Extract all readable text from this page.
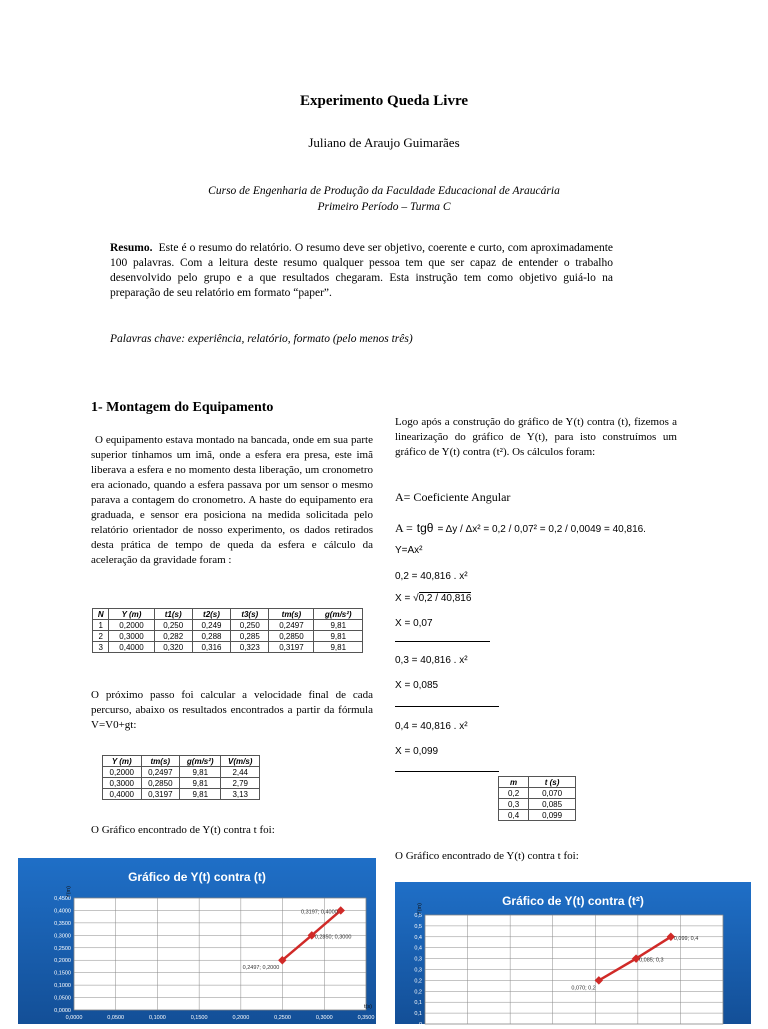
Experimento Queda Livre
Juliano de Araujo Guimarães
Curso de Engenharia de Produção da Faculdade Educacional de Araucária
Primeiro Período – Turma C
Resumo. Este é o resumo do relatório. O resumo deve ser objetivo, coerente e curto, com aproximadamente 100 palavras. Com a leitura deste resumo qualquer pessoa tem que ser capaz de entender o trabalho desenvolvido pelo grupo e a que resultados chegaram. Esta instrução tem como objetivo guiá-lo na preparação de seu relatório em formato “paper”.
Palavras chave: experiência, relatório, formato (pelo menos três)
1- Montagem do Equipamento
O equipamento estava montado na bancada, onde em sua parte superior tínhamos um imã, onde a esfera era presa, este imã liberava a esfera e no momento desta liberação, um cronometro era acionado, quando a esfera passava por um sensor o mesmo parava a contagem do cronometro. A haste do equipamento era graduada, e sensor era posiciona na medida solicitada pelo relatório orientador de nosso experimento, os dados retirados desta prática de tempo de queda da esfera e cálculo da aceleração da gravidade foram :
N	Y (m)	t1(s)	t2(s)	t3(s)	tm(s)	g(m/s²)
1	0,2000	0,250	0,249	0,250	0,2497	9,81
2	0,3000	0,282	0,288	0,285	0,2850	9,81
3	0,4000	0,320	0,316	0,323	0,3197	9,81
O próximo passo foi calcular a velocidade final de cada percurso, abaixo os resultados encontrados a partir da fórmula V=V0+gt:
Y (m)	tm(s)	g(m/s²)	V(m/s)
0,2000	0,2497	9,81	2,44
0,3000	0,2850	9,81	2,79
0,4000	0,3197	9,81	3,13
O Gráfico encontrado de Y(t) contra t foi:
Gráfico de Y(t) contra (t)
0,0000
0,0500
0,1000
0,1500
0,2000
0,2500
0,3000
0,3500
0,4000
0,4500
0,0000	0,0500	0,1000	0,1500	0,2000	0,2500	0,3000	0,3500
Y(m)
t(s)
0,2497; 0,2000
0,2850; 0,3000
0,3197; 0,4000
Logo após a construção do gráfico de Y(t) contra (t), fizemos a linearização do gráfico de Y(t), para isto construímos um gráfico de Y(t) contra (t²). Os cálculos foram:
A= Coeficiente Angular
A = tgθ = Δy / Δx² = 0,2 / 0,07² = 0,2 / 0,0049 = 40,816.
Y=Ax²
0,2 = 40,816 . x²
X = √0,2 / 40,816
X = 0,07
0,3 = 40,816 . x²
X = 0,085
0,4 = 40,816 . x²
X = 0,099
m	t (s)
0,2	0,070
0,3	0,085
0,4	0,099
O Gráfico encontrado de Y(t) contra t foi:
Gráfico de Y(t) contra (t²)
0
0,1
0,1
0,2
0,2
0,3
0,3
0,4
0,4
0,5
0,5
Y(m)
0,070; 0,2
0,085; 0,3
0,099; 0,4
